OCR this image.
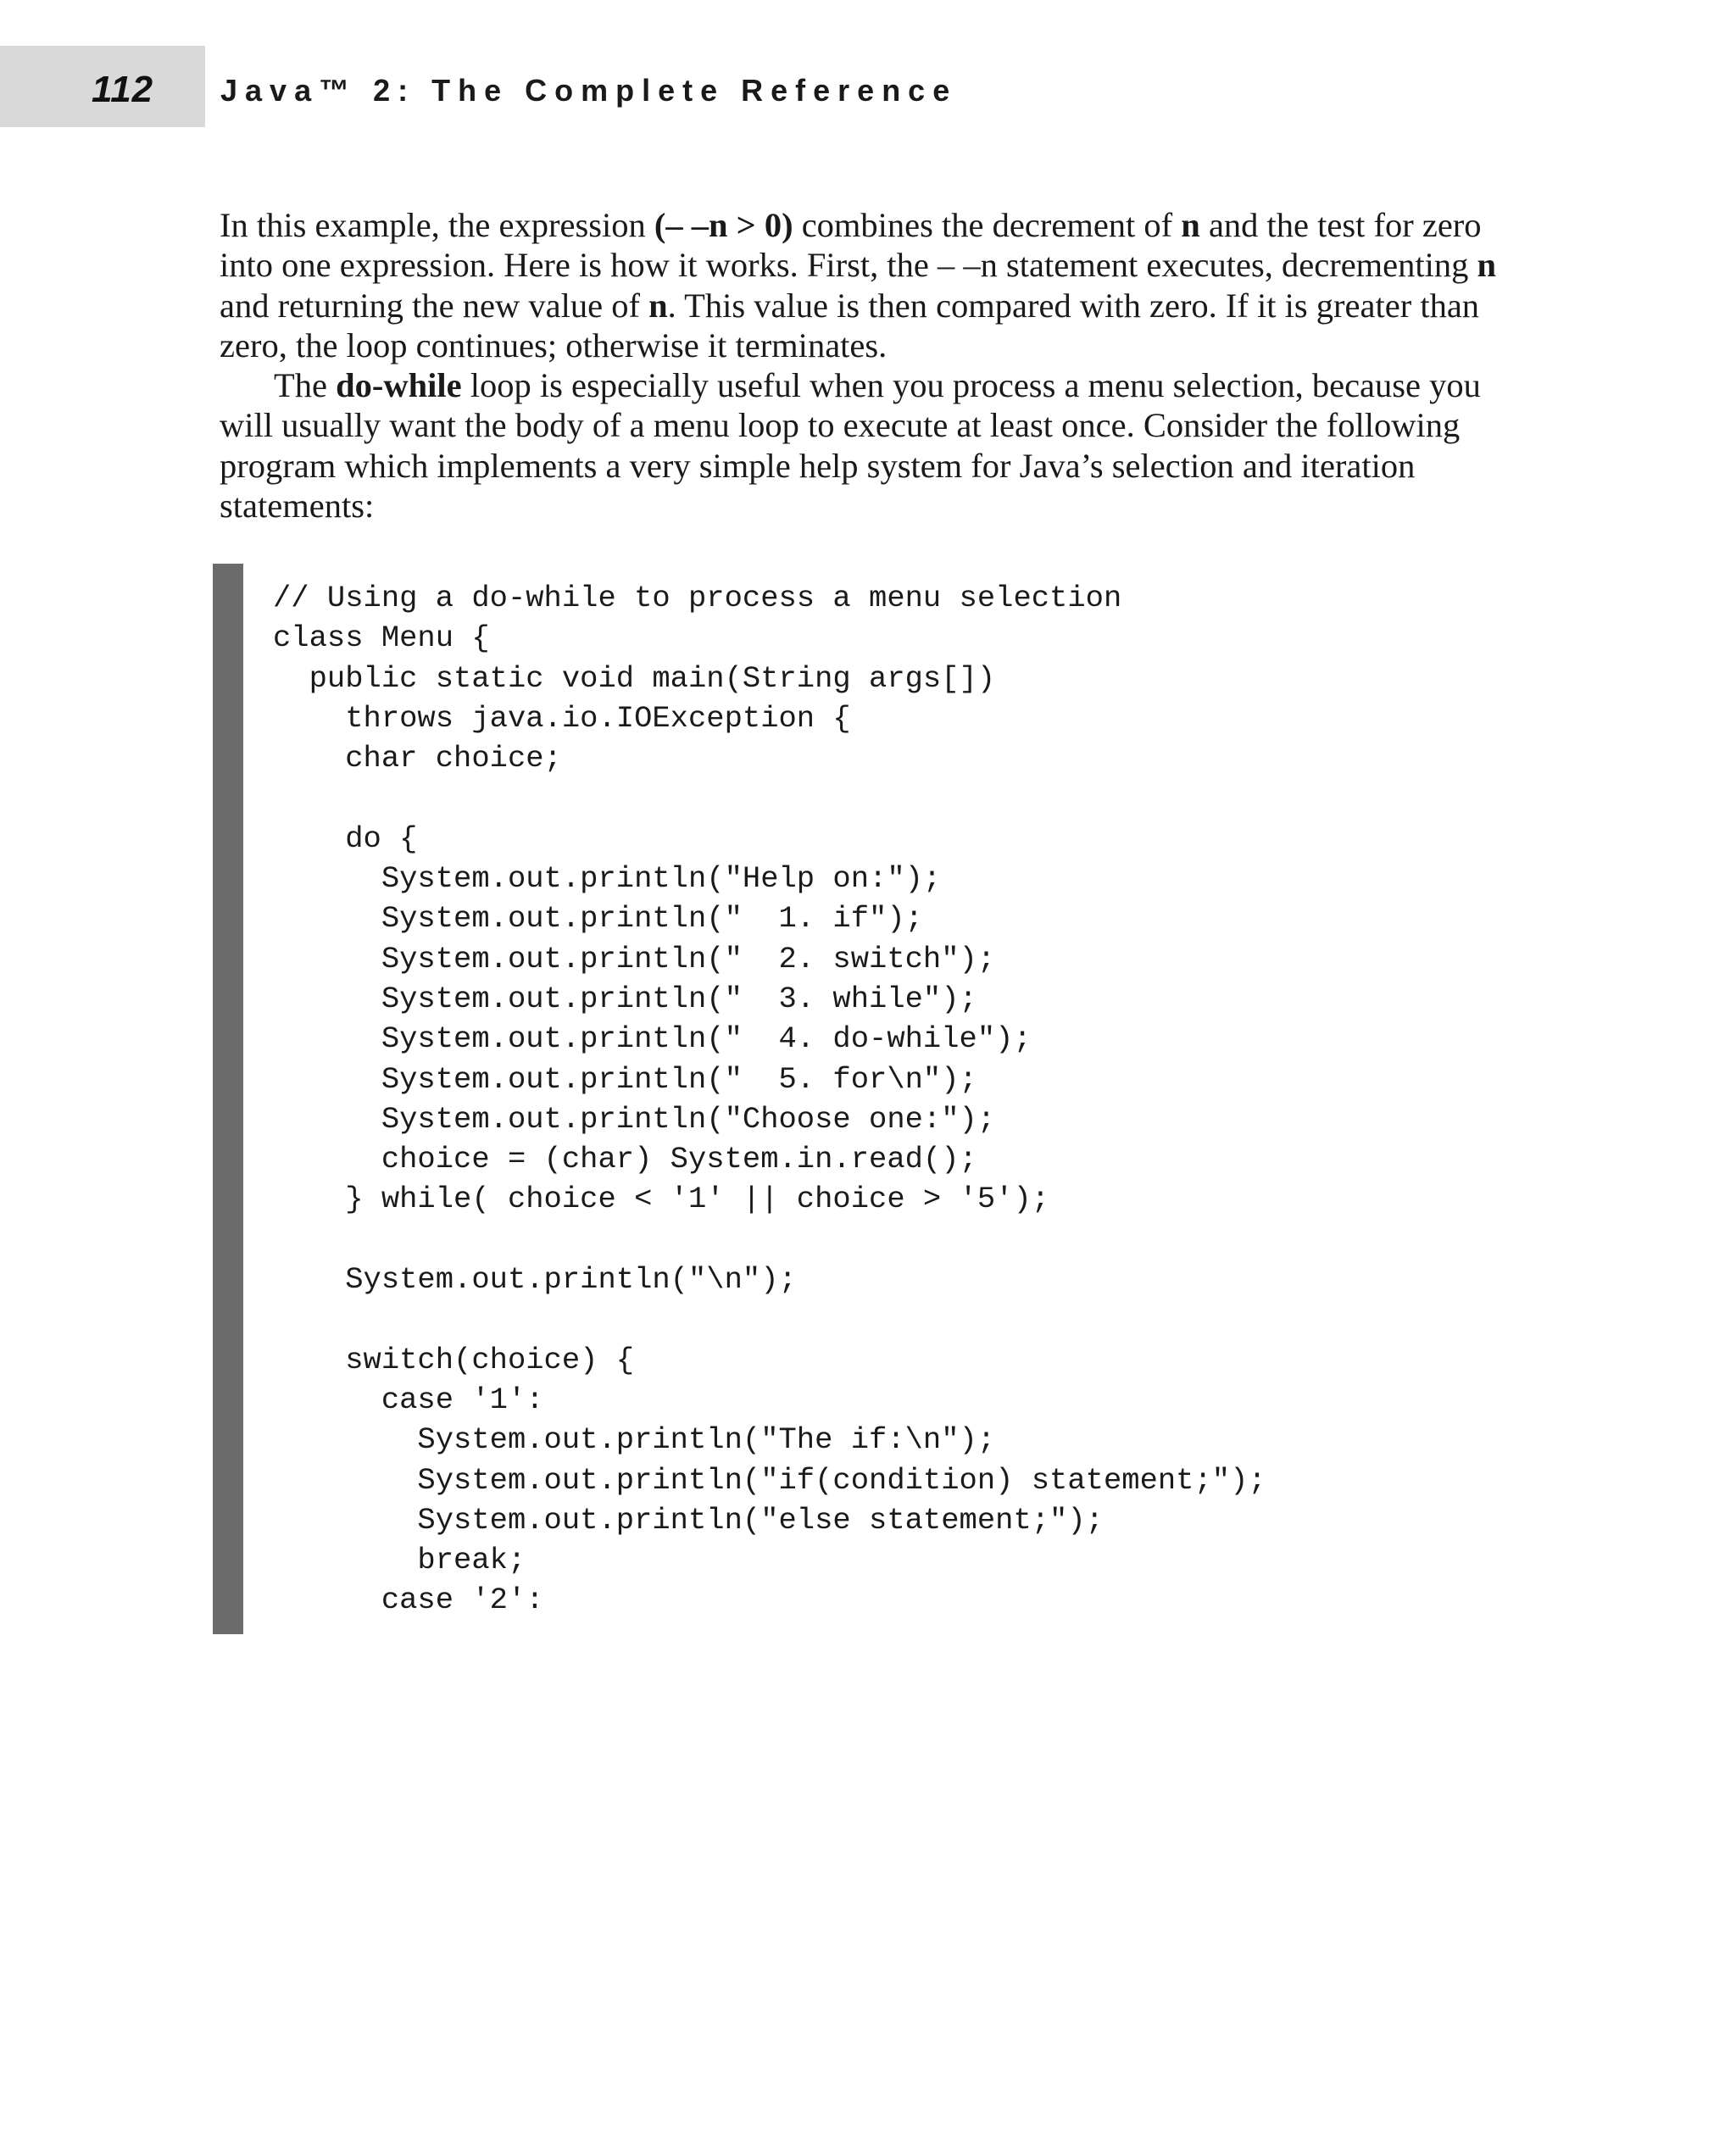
112 Java™ 2: The Complete Reference

In this example, the expression (– –n > 0) combines the decrement of n and the test for zero into one expression. Here is how it works. First, the – –n statement executes, decrementing n and returning the new value of n. This value is then compared with zero. If it is greater than zero, the loop continues; otherwise it terminates.

The do-while loop is especially useful when you process a menu selection, because you will usually want the body of a menu loop to execute at least once. Consider the following program which implements a very simple help system for Java’s selection and iteration statements:

// Using a do-while to process a menu selection
class Menu {
public static void main(String args[])
throws java.io.IOException {
char choice;
do {
System.out.println("Help on:");
System.out.println("  1. if");
System.out.println("  2. switch");
System.out.println("  3. while");
System.out.println("  4. do-while");
System.out.println("  5. for\n");
System.out.println("Choose one:");
choice = (char) System.in.read();
} while( choice < '1' || choice > '5');
System.out.println("\n");
switch(choice) {
case '1':
System.out.println("The if:\n");
System.out.println("if(condition) statement;");
System.out.println("else statement;");
break;
case '2':
